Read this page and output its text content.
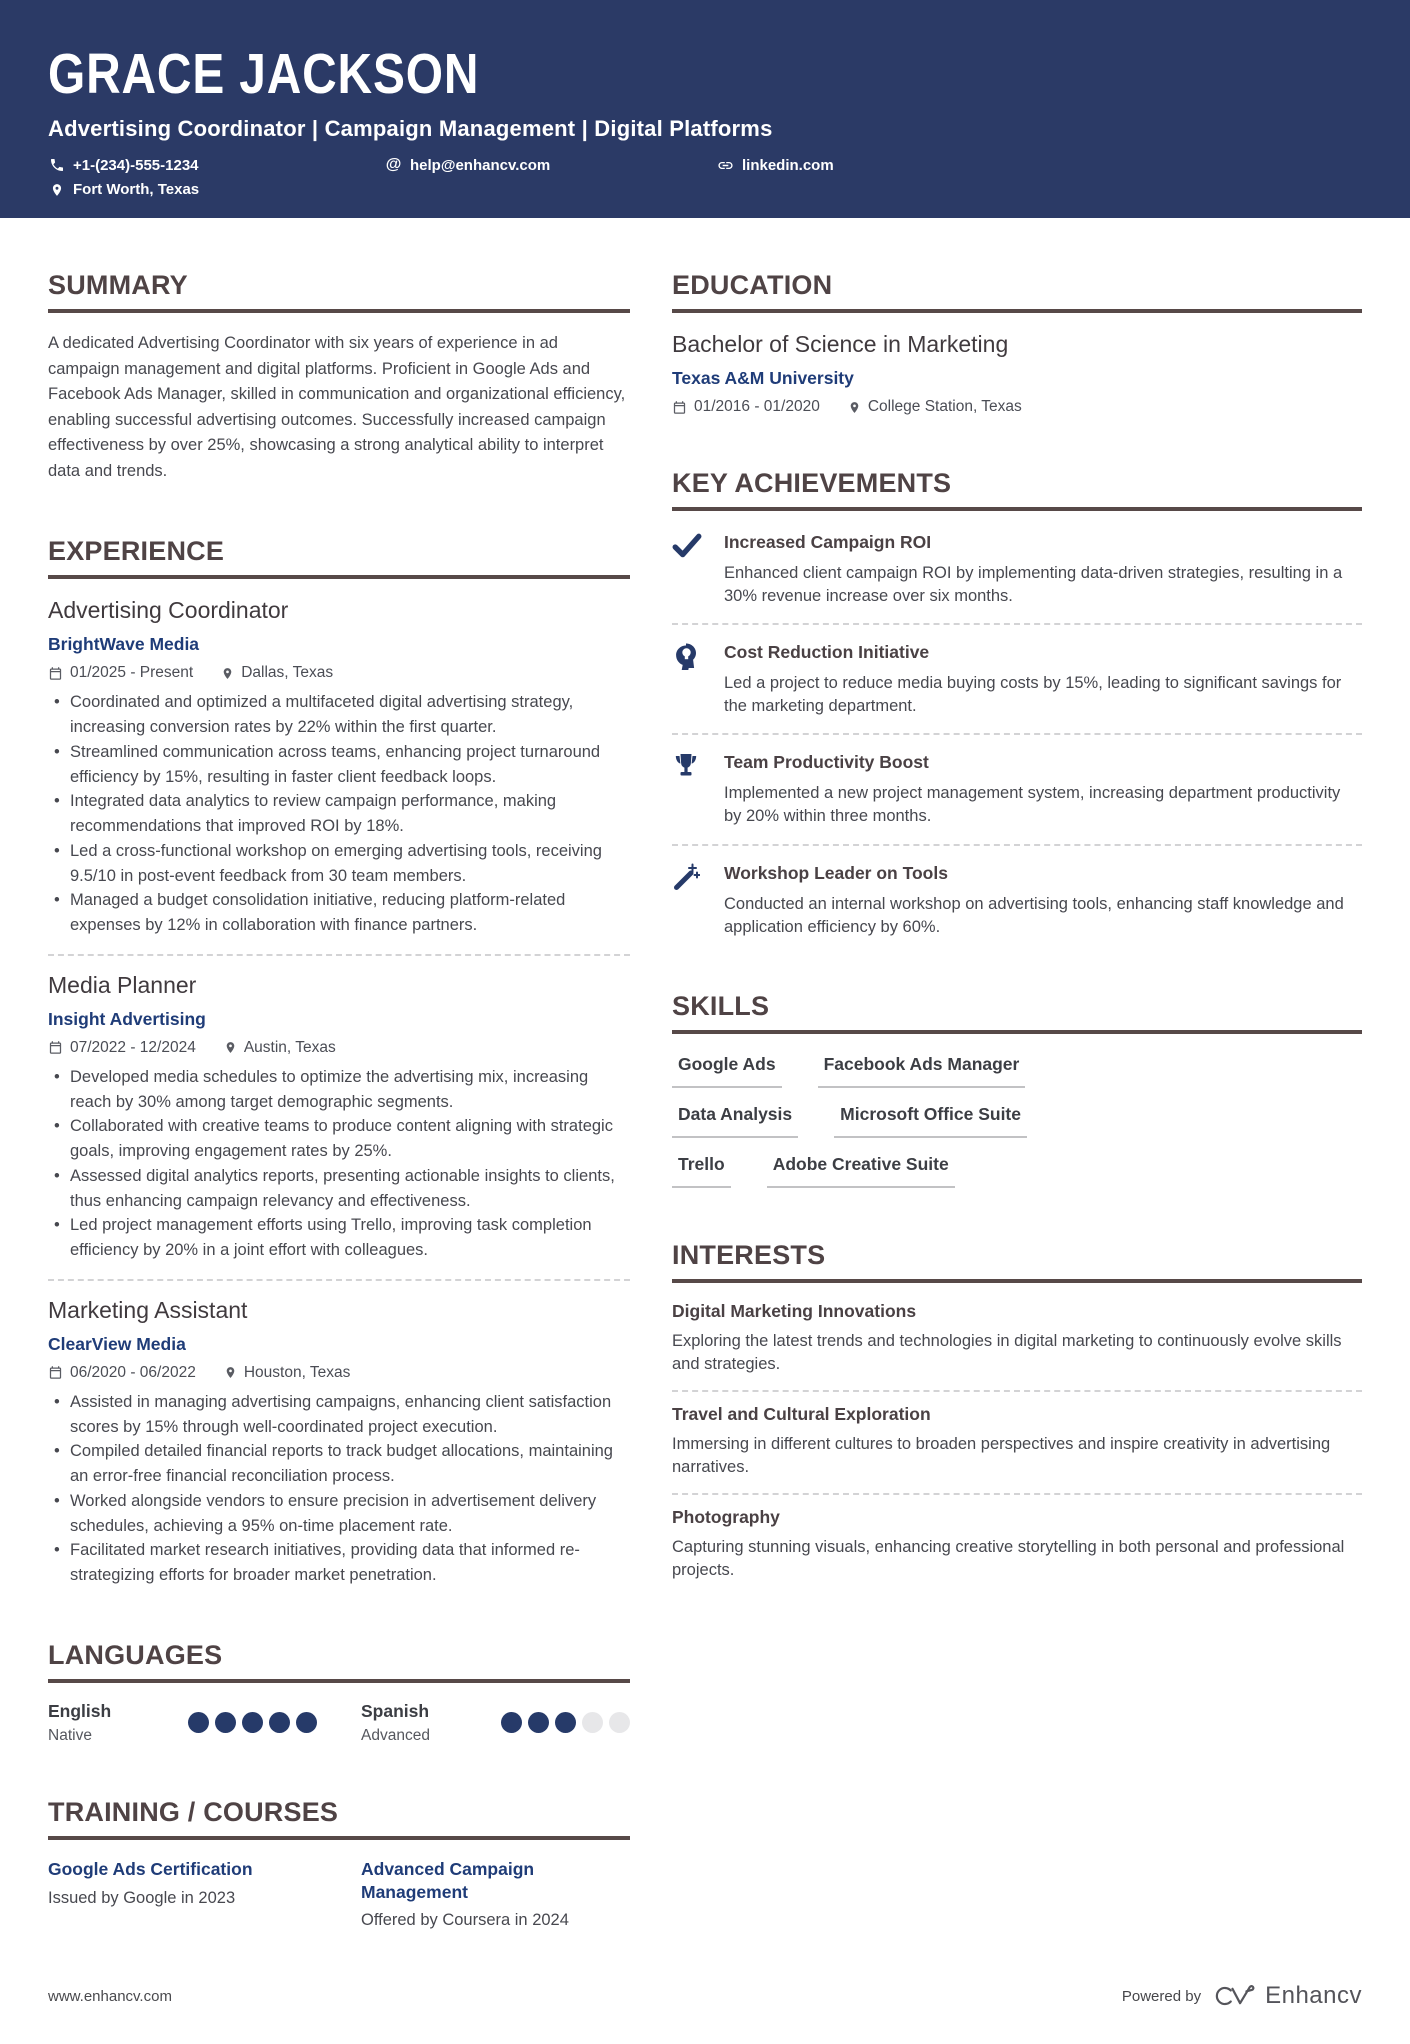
GRACE JACKSON
Advertising Coordinator | Campaign Management | Digital Platforms
+1-(234)-555-1234	@ help@enhancv.com	linkedin.com
Fort Worth, Texas
SUMMARY
A dedicated Advertising Coordinator with six years of experience in ad campaign management and digital platforms. Proficient in Google Ads and Facebook Ads Manager, skilled in communication and organizational efficiency, enabling successful advertising outcomes. Successfully increased campaign effectiveness by over 25%, showcasing a strong analytical ability to interpret data and trends.
EXPERIENCE
Advertising Coordinator
BrightWave Media
01/2025 - Present	Dallas, Texas
• Coordinated and optimized a multifaceted digital advertising strategy, increasing conversion rates by 22% within the first quarter.
• Streamlined communication across teams, enhancing project turnaround efficiency by 15%, resulting in faster client feedback loops.
• Integrated data analytics to review campaign performance, making recommendations that improved ROI by 18%.
• Led a cross-functional workshop on emerging advertising tools, receiving 9.5/10 in post-event feedback from 30 team members.
• Managed a budget consolidation initiative, reducing platform-related expenses by 12% in collaboration with finance partners.
Media Planner
Insight Advertising
07/2022 - 12/2024	Austin, Texas
• Developed media schedules to optimize the advertising mix, increasing reach by 30% among target demographic segments.
• Collaborated with creative teams to produce content aligning with strategic goals, improving engagement rates by 25%.
• Assessed digital analytics reports, presenting actionable insights to clients, thus enhancing campaign relevancy and effectiveness.
• Led project management efforts using Trello, improving task completion efficiency by 20% in a joint effort with colleagues.
Marketing Assistant
ClearView Media
06/2020 - 06/2022	Houston, Texas
• Assisted in managing advertising campaigns, enhancing client satisfaction scores by 15% through well-coordinated project execution.
• Compiled detailed financial reports to track budget allocations, maintaining an error-free financial reconciliation process.
• Worked alongside vendors to ensure precision in advertisement delivery schedules, achieving a 95% on-time placement rate.
• Facilitated market research initiatives, providing data that informed re-strategizing efforts for broader market penetration.
LANGUAGES
English
Native
Spanish
Advanced
TRAINING / COURSES
Google Ads Certification
Issued by Google in 2023
Advanced Campaign Management
Offered by Coursera in 2024
EDUCATION
Bachelor of Science in Marketing
Texas A&M University
01/2016 - 01/2020	College Station, Texas
KEY ACHIEVEMENTS
Increased Campaign ROI
Enhanced client campaign ROI by implementing data-driven strategies, resulting in a 30% revenue increase over six months.
Cost Reduction Initiative
Led a project to reduce media buying costs by 15%, leading to significant savings for the marketing department.
Team Productivity Boost
Implemented a new project management system, increasing department productivity by 20% within three months.
Workshop Leader on Tools
Conducted an internal workshop on advertising tools, enhancing staff knowledge and application efficiency by 60%.
SKILLS
Google Ads	Facebook Ads Manager
Data Analysis	Microsoft Office Suite
Trello	Adobe Creative Suite
INTERESTS
Digital Marketing Innovations
Exploring the latest trends and technologies in digital marketing to continuously evolve skills and strategies.
Travel and Cultural Exploration
Immersing in different cultures to broaden perspectives and inspire creativity in advertising narratives.
Photography
Capturing stunning visuals, enhancing creative storytelling in both personal and professional projects.
www.enhancv.com	Powered by	Enhancv
